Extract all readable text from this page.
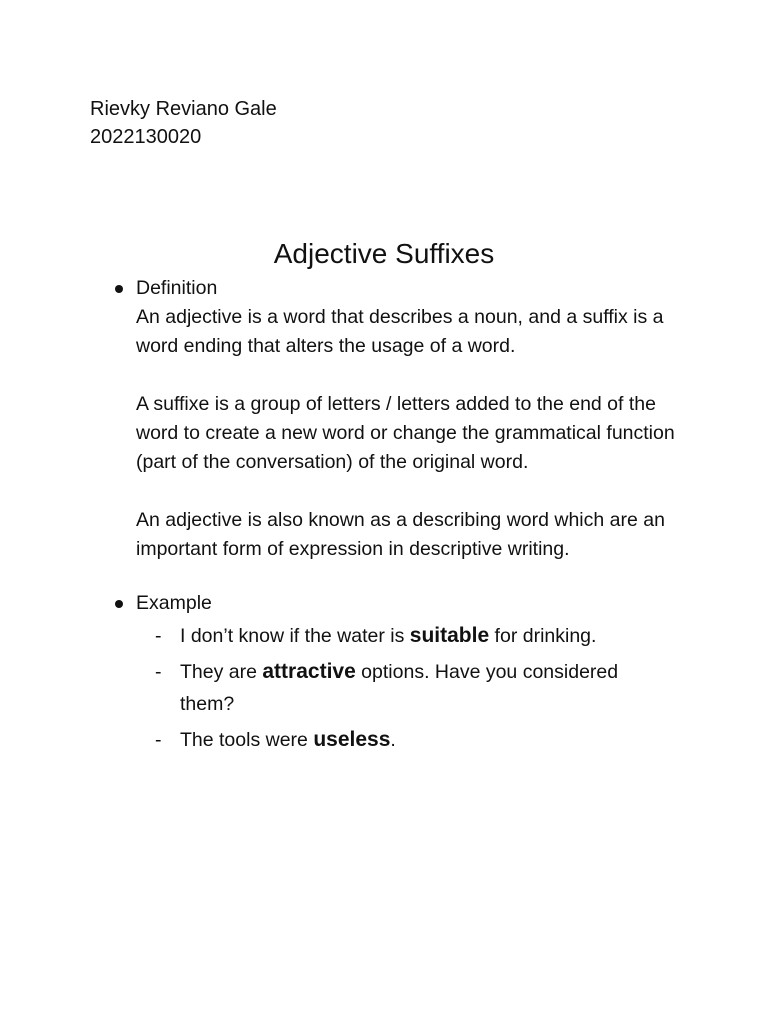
Rievky Reviano Gale
2022130020
Adjective Suffixes
Definition

An adjective is a word that describes a noun, and a suffix is a word ending that alters the usage of a word.

A suffixe is a group of letters / letters added to the end of the word to create a new word or change the grammatical function (part of the conversation) of the original word.

An adjective is also known as a describing word which are an important form of expression in descriptive writing.

Example
- I don’t know if the water is suitable for drinking.
- They are attractive options. Have you considered them?
- The tools were useless.
